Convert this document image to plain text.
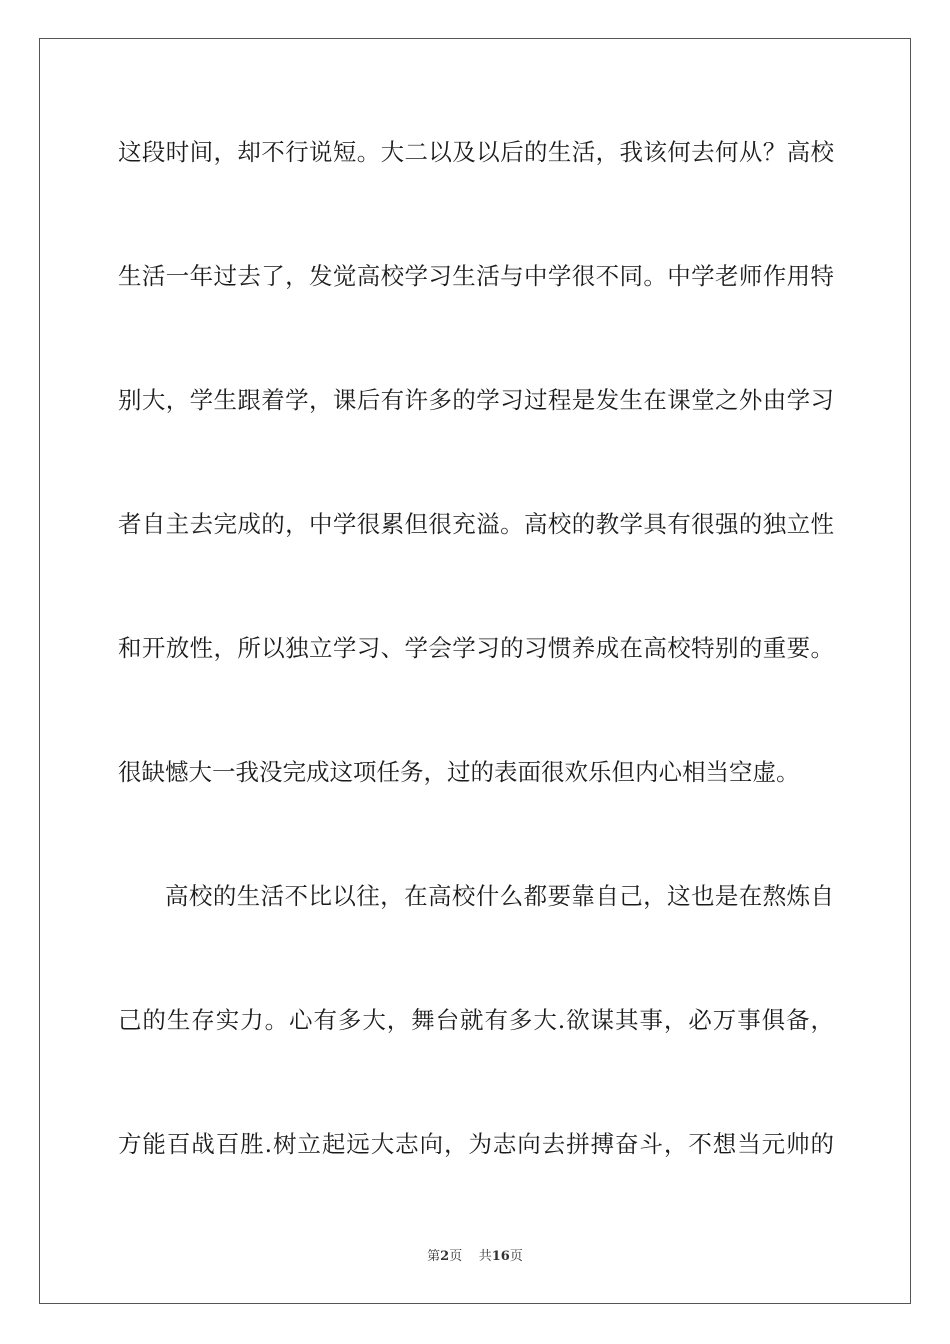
这段时间，却不行说短。大二以及以后的生活，我该何去何从？高校
生活一年过去了，发觉高校学习生活与中学很不同。中学老师作用特
别大，学生跟着学，课后有许多的学习过程是发生在课堂之外由学习
者自主去完成的，中学很累但很充溢。高校的教学具有很强的独立性
和开放性，所以独立学习、学会学习的习惯养成在高校特别的重要。
很缺憾大一我没完成这项任务，过的表面很欢乐但内心相当空虚。
高校的生活不比以往，在高校什么都要靠自己，这也是在熬炼自
己的生存实力。心有多大，舞台就有多大.欲谋其事，必万事俱备，
方能百战百胜.树立起远大志向，为志向去拼搏奋斗，不想当元帅的
第2页 共16页
